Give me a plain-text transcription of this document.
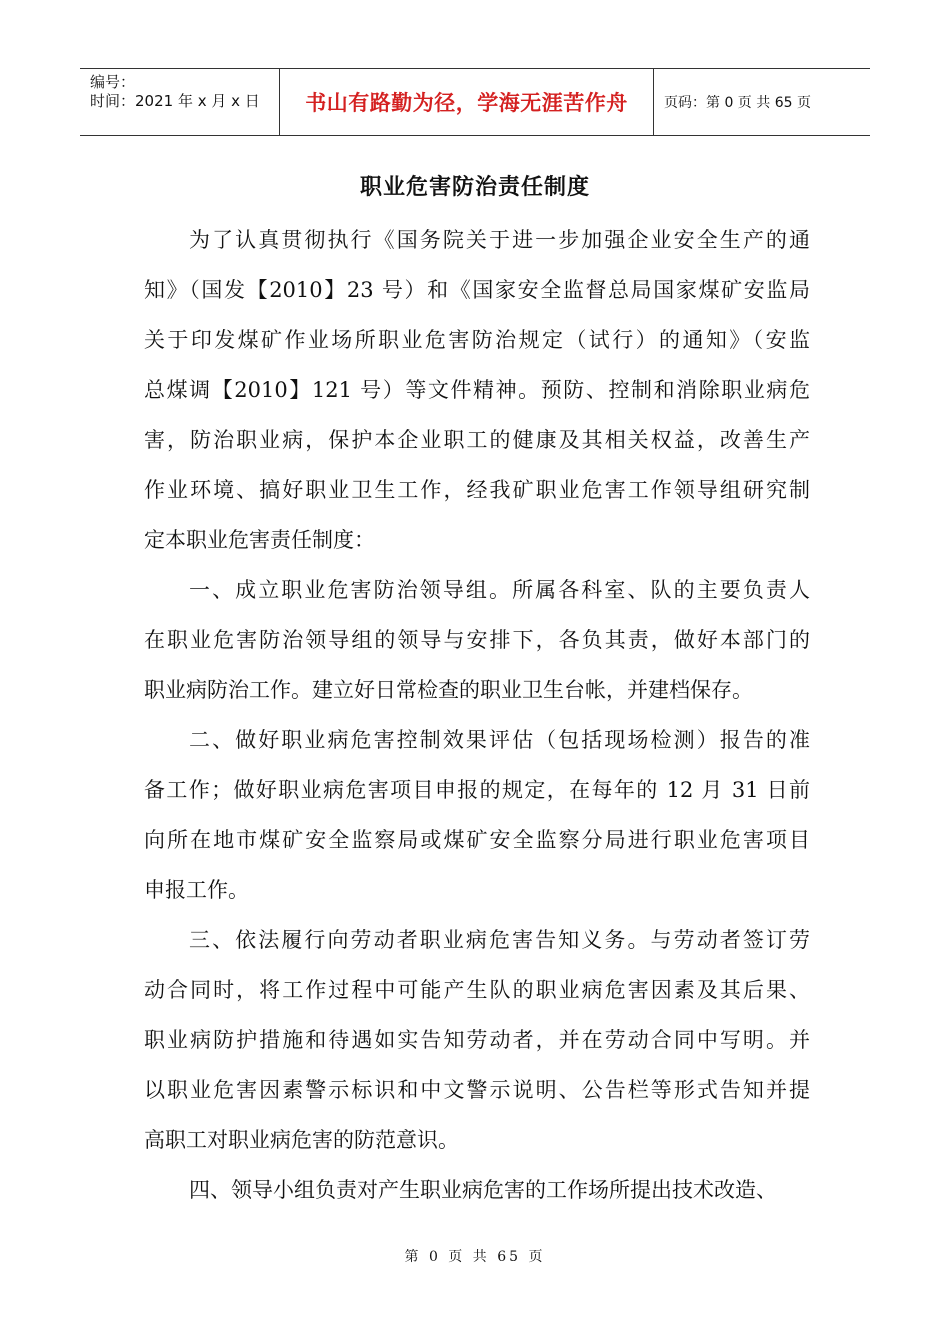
编号：
时间：2021 年 x 月 x 日	书山有路勤为径，学海无涯苦作舟	页码：第 0 页 共 65 页
职业危害防治责任制度
为了认真贯彻执行《国务院关于进一步加强企业安全生产的通
知》（国发【2010】23 号）和《国家安全监督总局国家煤矿安监局
关于印发煤矿作业场所职业危害防治规定（试行）的通知》（安监
总煤调【2010】121 号）等文件精神。预防、控制和消除职业病危
害，防治职业病，保护本企业职工的健康及其相关权益，改善生产
作业环境、搞好职业卫生工作，经我矿职业危害工作领导组研究制
定本职业危害责任制度：
一、成立职业危害防治领导组。所属各科室、队的主要负责人
在职业危害防治领导组的领导与安排下，各负其责，做好本部门的
职业病防治工作。建立好日常检查的职业卫生台帐，并建档保存。
二、做好职业病危害控制效果评估（包括现场检测）报告的准
备工作；做好职业病危害项目申报的规定，在每年的 12 月 31 日前
向所在地市煤矿安全监察局或煤矿安全监察分局进行职业危害项目
申报工作。
三、依法履行向劳动者职业病危害告知义务。与劳动者签订劳
动合同时，将工作过程中可能产生队的职业病危害因素及其后果、
职业病防护措施和待遇如实告知劳动者，并在劳动合同中写明。并
以职业危害因素警示标识和中文警示说明、公告栏等形式告知并提
高职工对职业病危害的防范意识。
四、领导小组负责对产生职业病危害的工作场所提出技术改造、
第 0 页 共 65 页
